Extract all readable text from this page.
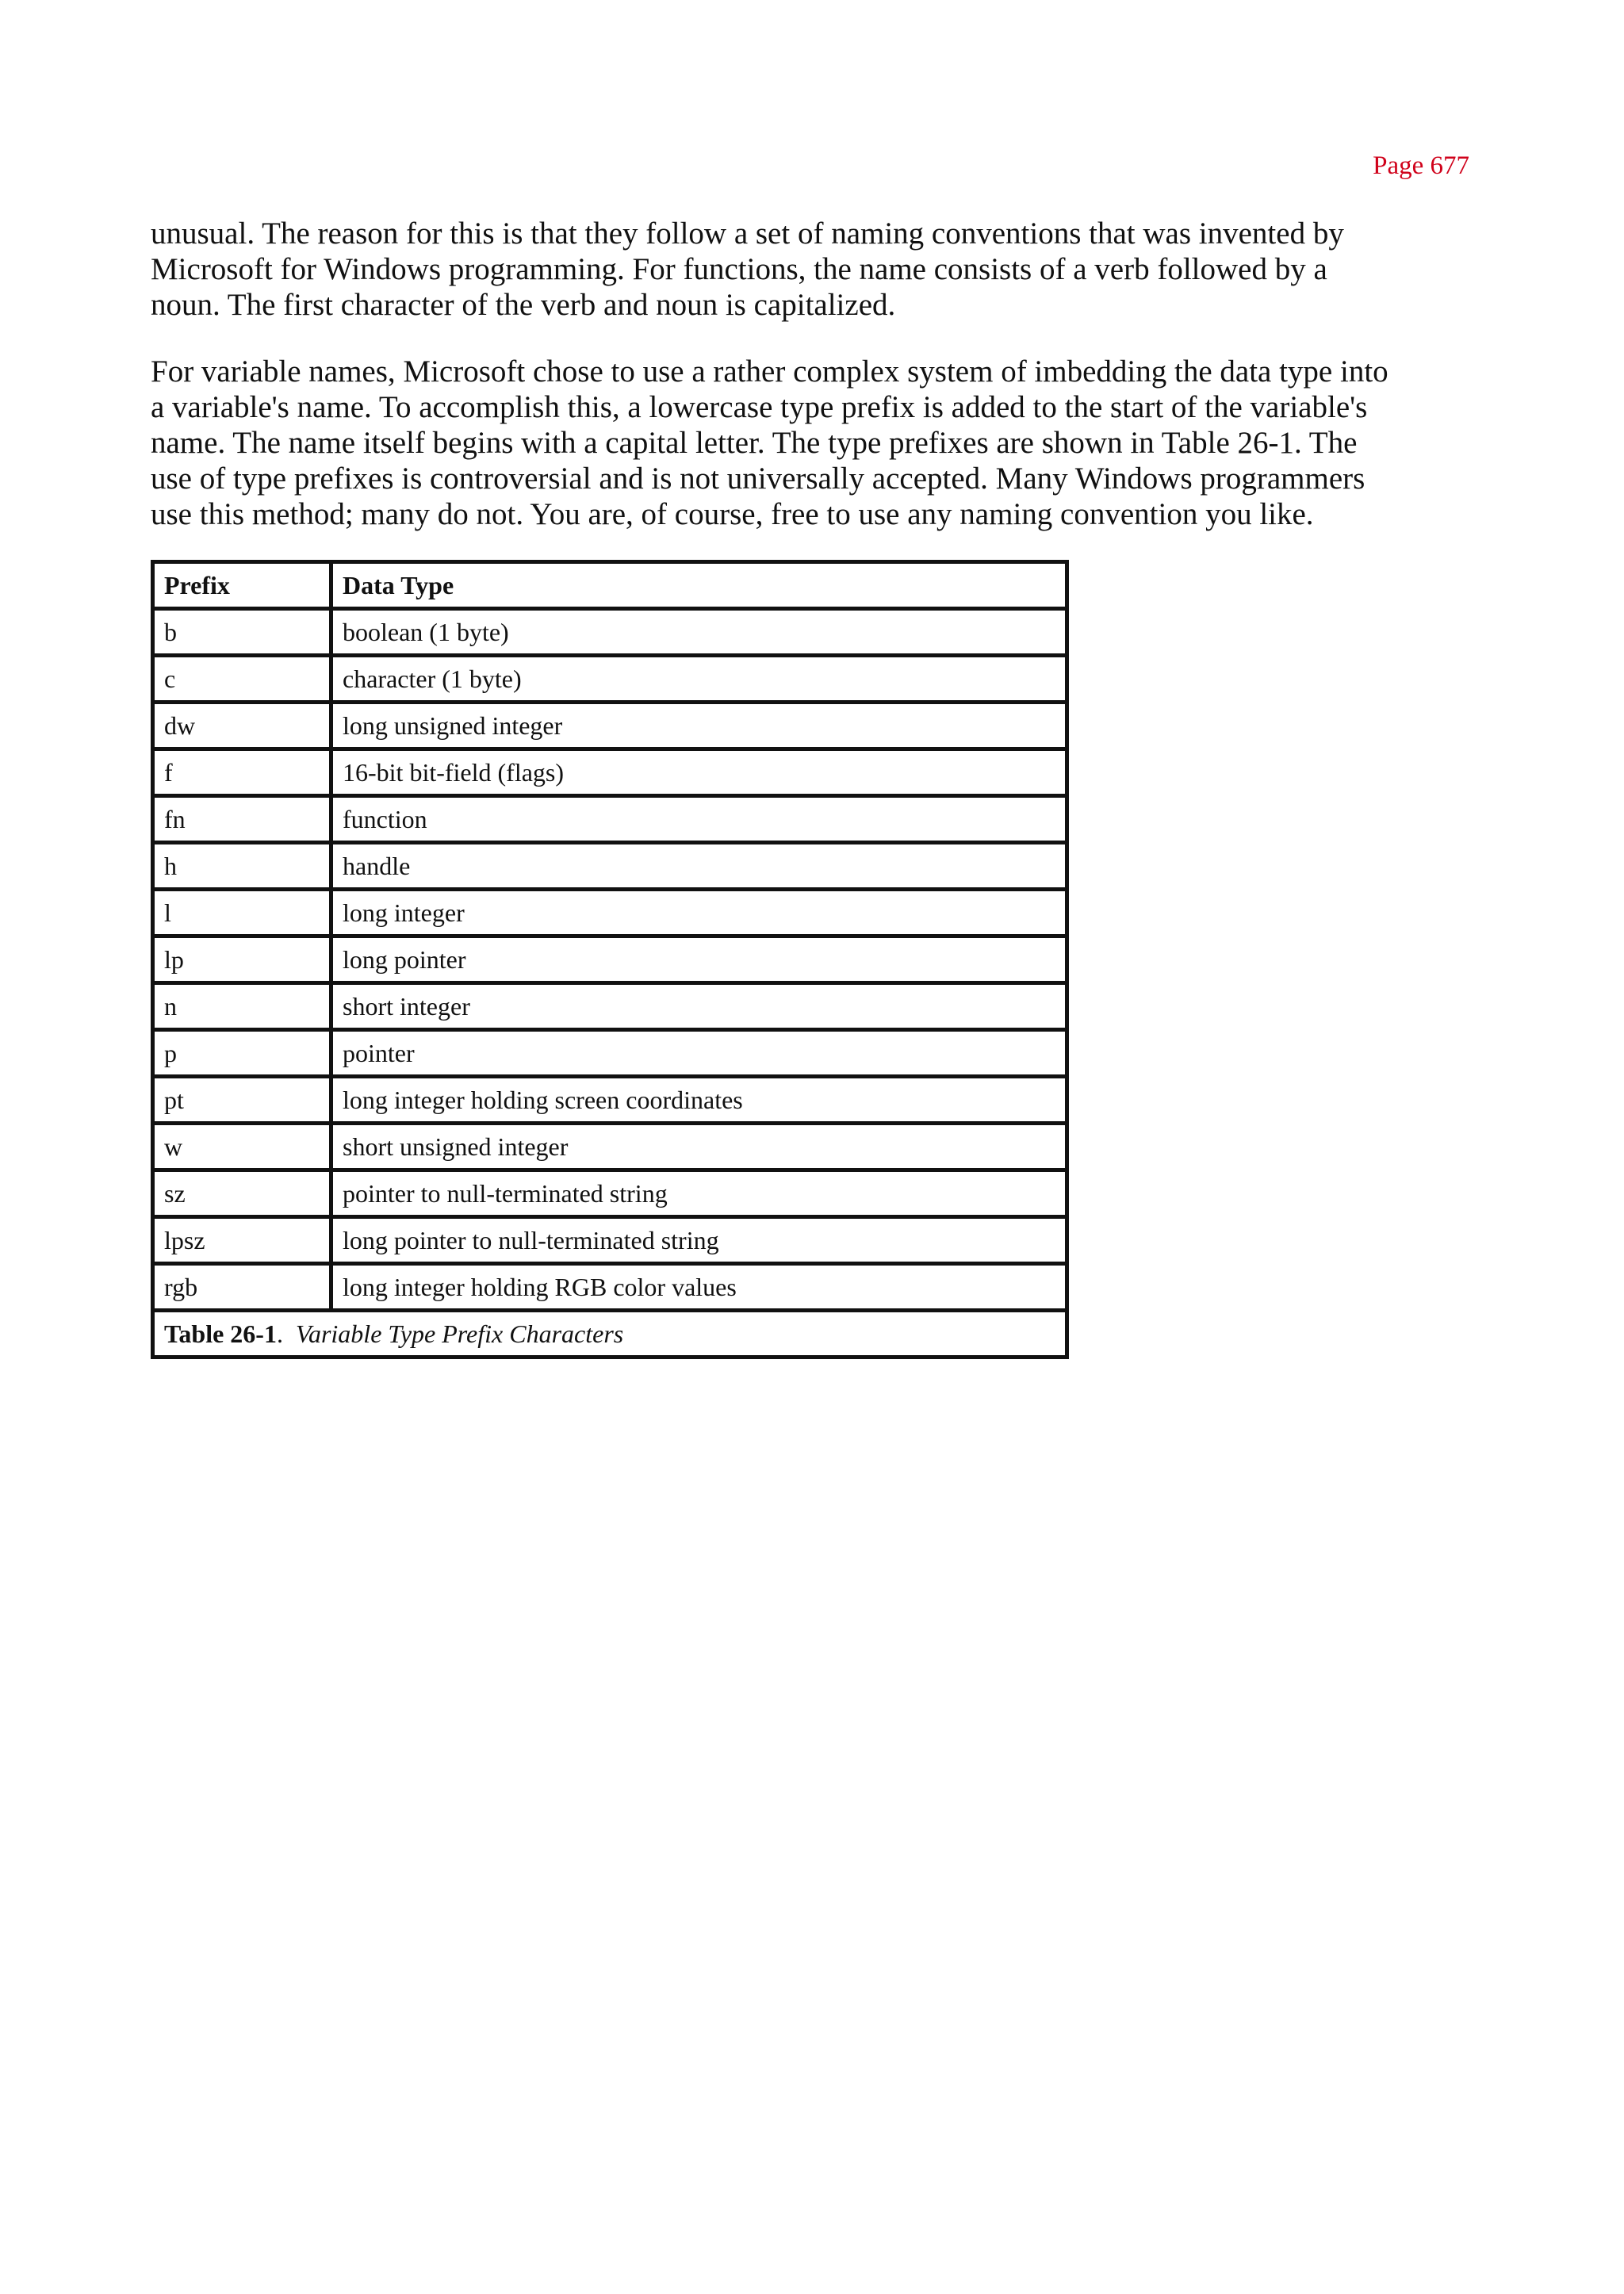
Page 677

unusual. The reason for this is that they follow a set of naming conventions that was invented by
Microsoft for Windows programming. For functions, the name consists of a verb followed by a
noun. The first character of the verb and noun is capitalized.

For variable names, Microsoft chose to use a rather complex system of imbedding the data type into
a variable's name. To accomplish this, a lowercase type prefix is added to the start of the variable's
name. The name itself begins with a capital letter. The type prefixes are shown in Table 26-1. The
use of type prefixes is controversial and is not universally accepted. Many Windows programmers
use this method; many do not. You are, of course, free to use any naming convention you like.

Prefix	Data Type
b	boolean (1 byte)
c	character (1 byte)
dw	long unsigned integer
f	16-bit bit-field (flags)
fn	function
h	handle
l	long integer
lp	long pointer
n	short integer
p	pointer
pt	long integer holding screen coordinates
w	short unsigned integer
sz	pointer to null-terminated string
lpsz	long pointer to null-terminated string
rgb	long integer holding RGB color values
Table 26-1. Variable Type Prefix Characters	
